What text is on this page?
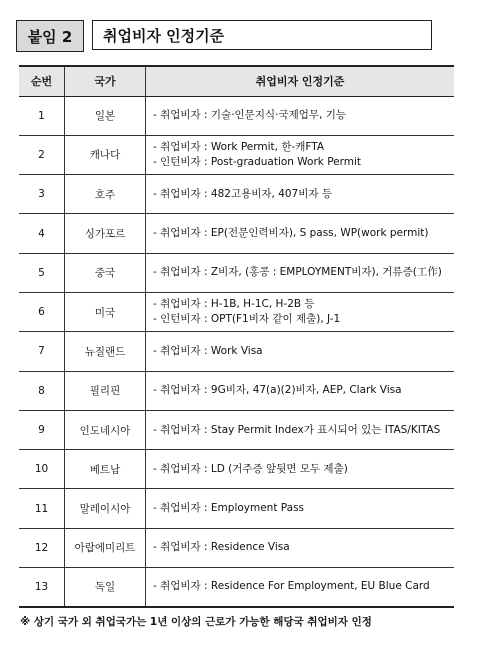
붙임 2	취업비자 인정기준
순번	국가	취업비자 인정기준
1	일본	- 취업비자 : 기술·인문지식·국제업무, 기능

2	캐나다	- 취업비자 : Work Permit, 한-캐FTA
- 인턴비자 : Post-graduation Work Permit

3	호주	- 취업비자 : 482고용비자, 407비자 등

4	싱가포르	- 취업비자 : EP(전문인력비자), S pass, WP(work permit)

5	중국	- 취업비자 : Z비자, (홍콩 : EMPLOYMENT비자), 거류증(工作)

6	미국	- 취업비자 : H-1B, H-1C, H-2B 등
- 인턴비자 : OPT(F1비자 같이 제출), J-1

7	뉴질랜드	- 취업비자 : Work Visa

8	필리핀	- 취업비자 : 9G비자, 47(a)(2)비자, AEP, Clark Visa

9	인도네시아	- 취업비자 : Stay Permit Index가 표시되어 있는 ITAS/KITAS

10	베트남	- 취업비자 : LD (거주증 앞뒷면 모두 제출)

11	말레이시아	- 취업비자 : Employment Pass

12	아랍에미리트	- 취업비자 : Residence Visa

13	독일	- 취업비자 : Residence For Employment, EU Blue Card
※ 상기 국가 외 취업국가는 1년 이상의 근로가 가능한 해당국 취업비자 인정
